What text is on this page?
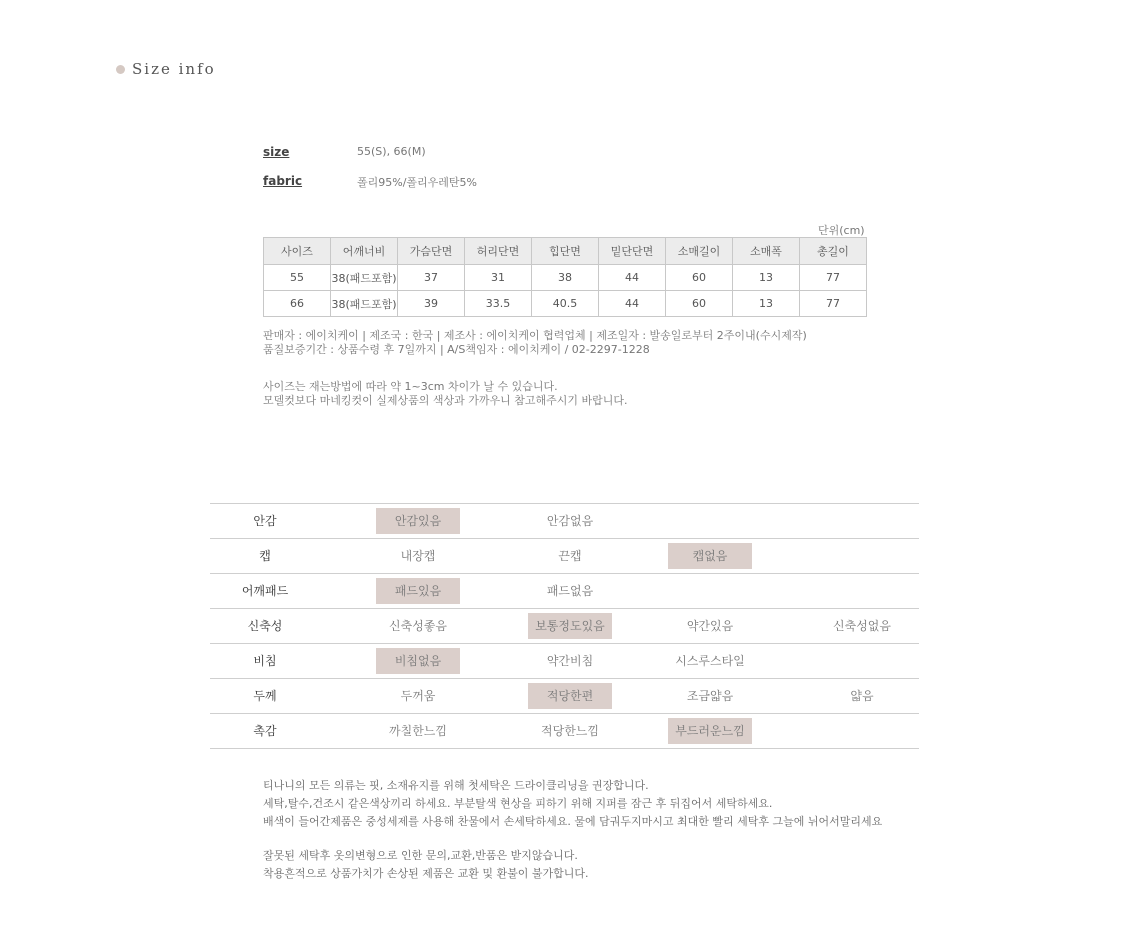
Size info
size	55(S), 66(M)
fabric	폴리95%/폴리우레탄5%
단위(cm)
사이즈	어깨너비	가슴단면	허리단면	힙단면	밑단단면	소매길이	소매폭	총길이
55	38(패드포함)	37	31	38	44	60	13	77
66	38(패드포함)	39	33.5	40.5	44	60	13	77
판매자 : 에이치케이 | 제조국 : 한국 | 제조사 : 에이치케이 협력업체 | 제조일자 : 발송일로부터 2주이내(수시제작)
품질보증기간 : 상품수령 후 7일까지 | A/S책임자 : 에이치케이 / 02-2297-1228
사이즈는 재는방법에 따라 약 1~3cm 차이가 날 수 있습니다.
모델컷보다 마네킹컷이 실제상품의 색상과 가까우니 참고해주시기 바랍니다.
안감	안감있음	안감없음
캡	내장캡	끈캡	캡없음
어깨패드	패드있음	패드없음
신축성	신축성좋음	보통정도있음	약간있음	신축성없음
비침	비침없음	약간비침	시스루스타일
두께	두꺼움	적당한편	조금얇음	얇음
촉감	까칠한느낌	적당한느낌	부드러운느낌
티나니의 모든 의류는 핏, 소재유지를 위해 첫세탁은 드라이클리닝을 권장합니다.
세탁,탈수,건조시 같은색상끼리 하세요. 부분탈색 현상을 피하기 위해 지퍼를 잠근 후 뒤집어서 세탁하세요.
배색이 들어간제품은 중성세제를 사용해 찬물에서 손세탁하세요. 물에 담궈두지마시고 최대한 빨리 세탁후 그늘에 뉘어서말리세요
잘못된 세탁후 옷의변형으로 인한 문의,교환,반품은 받지않습니다.
착용흔적으로 상품가치가 손상된 제품은 교환 및 환불이 불가합니다.
